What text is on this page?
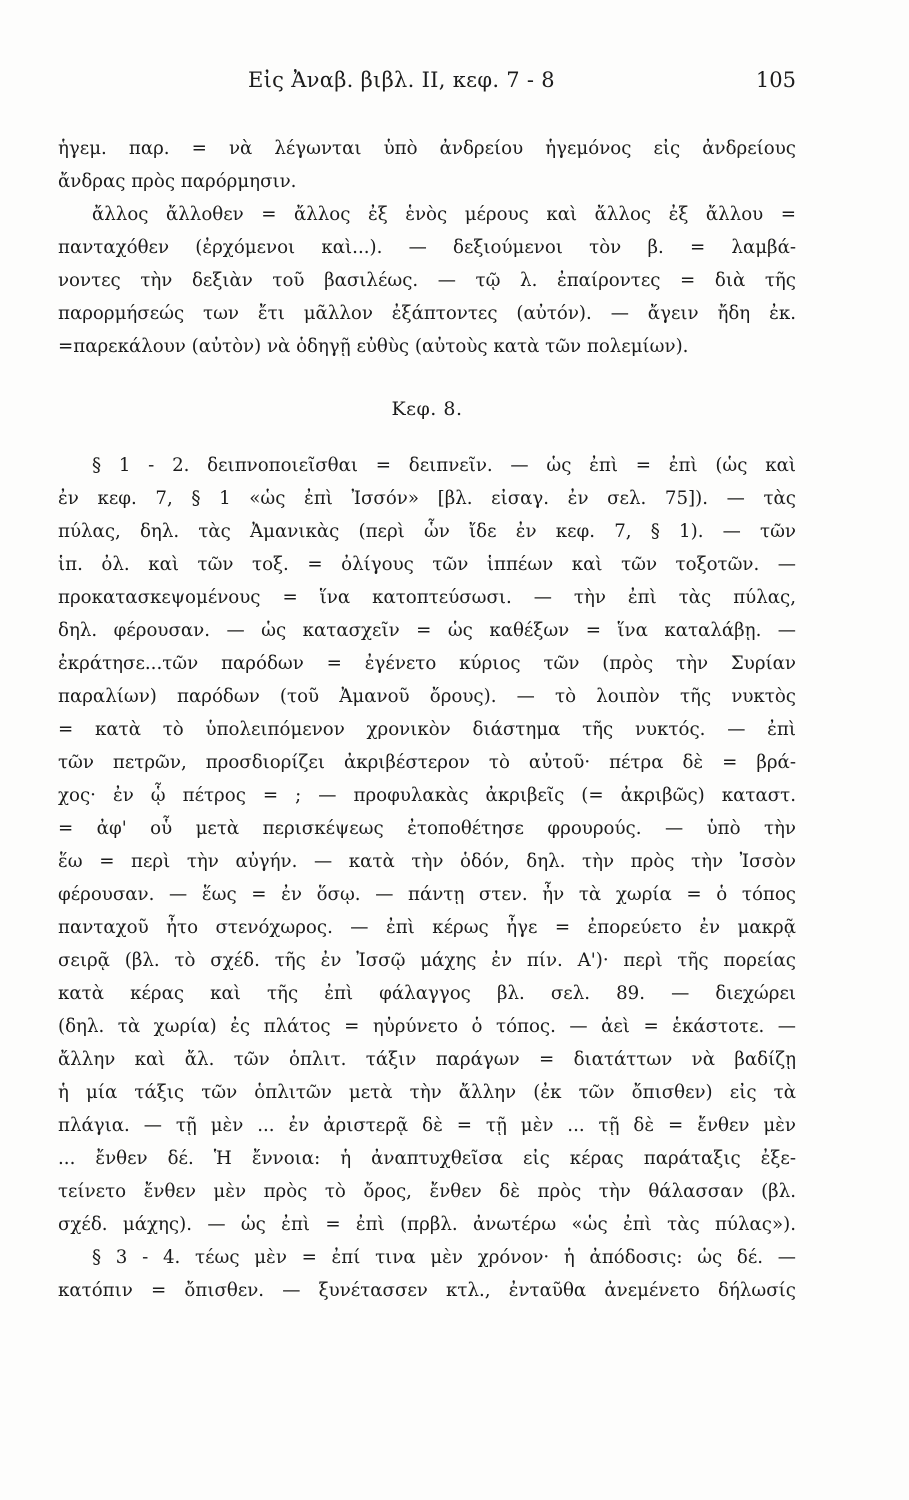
Εἰς Ἀναβ. βιβλ. ΙΙ, κεφ. 7 - 8	105
ἡγεμ. παρ. = νὰ λέγωνται ὑπὸ ἀνδρείου ἡγεμόνος εἰς ἀνδρείους
ἄνδρας πρὸς παρόρμησιν.
ἄλλος ἄλλοθεν = ἄλλος ἐξ ἑνὸς μέρους καὶ ἄλλος ἐξ ἄλλου =
πανταχόθεν (ἐρχόμενοι καὶ...). — δεξιούμενοι τὸν β. = λαμβά-
νοντες τὴν δεξιὰν τοῦ βασιλέως. — τῷ λ. ἐπαίροντες = διὰ τῆς
παρορμήσεώς των ἔτι μᾶλλον ἐξάπτοντες (αὐτόν). — ἄγειν ἤδη ἐκ.
=παρεκάλουν (αὐτὸν) νὰ ὁδηγῇ εὐθὺς (αὐτοὺς κατὰ τῶν πολεμίων).
Κεφ. 8.
§ 1 - 2. δειπνοποιεῖσθαι = δειπνεῖν. — ὡς ἐπὶ = ἐπὶ (ὡς καὶ
ἐν κεφ. 7, § 1 «ὡς ἐπὶ Ἰσσόν» [βλ. εἰσαγ. ἐν σελ. 75]). — τὰς
πύλας, δηλ. τὰς Ἀμανικὰς (περὶ ὧν ἴδε ἐν κεφ. 7, § 1). — τῶν
ἱπ. ὀλ. καὶ τῶν τοξ. = ὀλίγους τῶν ἱππέων καὶ τῶν τοξοτῶν. —
προκατασκεψομένους = ἵνα κατοπτεύσωσι. — τὴν ἐπὶ τὰς πύλας,
δηλ. φέρουσαν. — ὡς κατασχεῖν = ὡς καθέξων = ἵνα καταλάβῃ. —
ἐκράτησε...τῶν παρόδων = ἐγένετο κύριος τῶν (πρὸς τὴν Συρίαν
παραλίων) παρόδων (τοῦ Ἀμανοῦ ὄρους). — τὸ λοιπὸν τῆς νυκτὸς
= κατὰ τὸ ὑπολειπόμενον χρονικὸν διάστημα τῆς νυκτός. — ἐπὶ
τῶν πετρῶν, προσδιορίζει ἀκριβέστερον τὸ αὐτοῦ· πέτρα δὲ = βρά-
χος· ἐν ᾧ πέτρος = ; — προφυλακὰς ἀκριβεῖς (= ἀκριβῶς) καταστ.
= ἀφ' οὗ μετὰ περισκέψεως ἐτοποθέτησε φρουρούς. — ὑπὸ τὴν
ἕω = περὶ τὴν αὐγήν. — κατὰ τὴν ὁδόν, δηλ. τὴν πρὸς τὴν Ἰσσὸν
φέρουσαν. — ἕως = ἐν ὅσῳ. — πάντῃ στεν. ἦν τὰ χωρία = ὁ τόπος
πανταχοῦ ἦτο στενόχωρος. — ἐπὶ κέρως ἦγε = ἐπορεύετο ἐν μακρᾷ
σειρᾷ (βλ. τὸ σχέδ. τῆς ἐν Ἰσσῷ μάχης ἐν πίν. Α')· περὶ τῆς πορείας
κατὰ κέρας καὶ τῆς ἐπὶ φάλαγγος βλ. σελ. 89. — διεχώρει
(δηλ. τὰ χωρία) ἐς πλάτος = ηὐρύνετο ὁ τόπος. — ἀεὶ = ἑκάστοτε. —
ἄλλην καὶ ἄλ. τῶν ὁπλιτ. τάξιν παράγων = διατάττων νὰ βαδίζῃ
ἡ μία τάξις τῶν ὁπλιτῶν μετὰ τὴν ἄλλην (ἐκ τῶν ὄπισθεν) εἰς τὰ
πλάγια. — τῇ μὲν ... ἐν ἀριστερᾷ δὲ = τῇ μὲν ... τῇ δὲ = ἔνθεν μὲν
... ἔνθεν δέ. Ἡ ἔννοια: ἡ ἀναπτυχθεῖσα εἰς κέρας παράταξις ἐξε-
τείνετο ἔνθεν μὲν πρὸς τὸ ὄρος, ἔνθεν δὲ πρὸς τὴν θάλασσαν (βλ.
σχέδ. μάχης). — ὡς ἐπὶ = ἐπὶ (πρβλ. ἀνωτέρω «ὡς ἐπὶ τὰς πύλας»).
§ 3 - 4. τέως μὲν = ἐπί τινα μὲν χρόνον· ἡ ἀπόδοσις: ὡς δέ. —
κατόπιν = ὄπισθεν. — ξυνέτασσεν κτλ., ἐνταῦθα ἀνεμένετο δήλωσίς
